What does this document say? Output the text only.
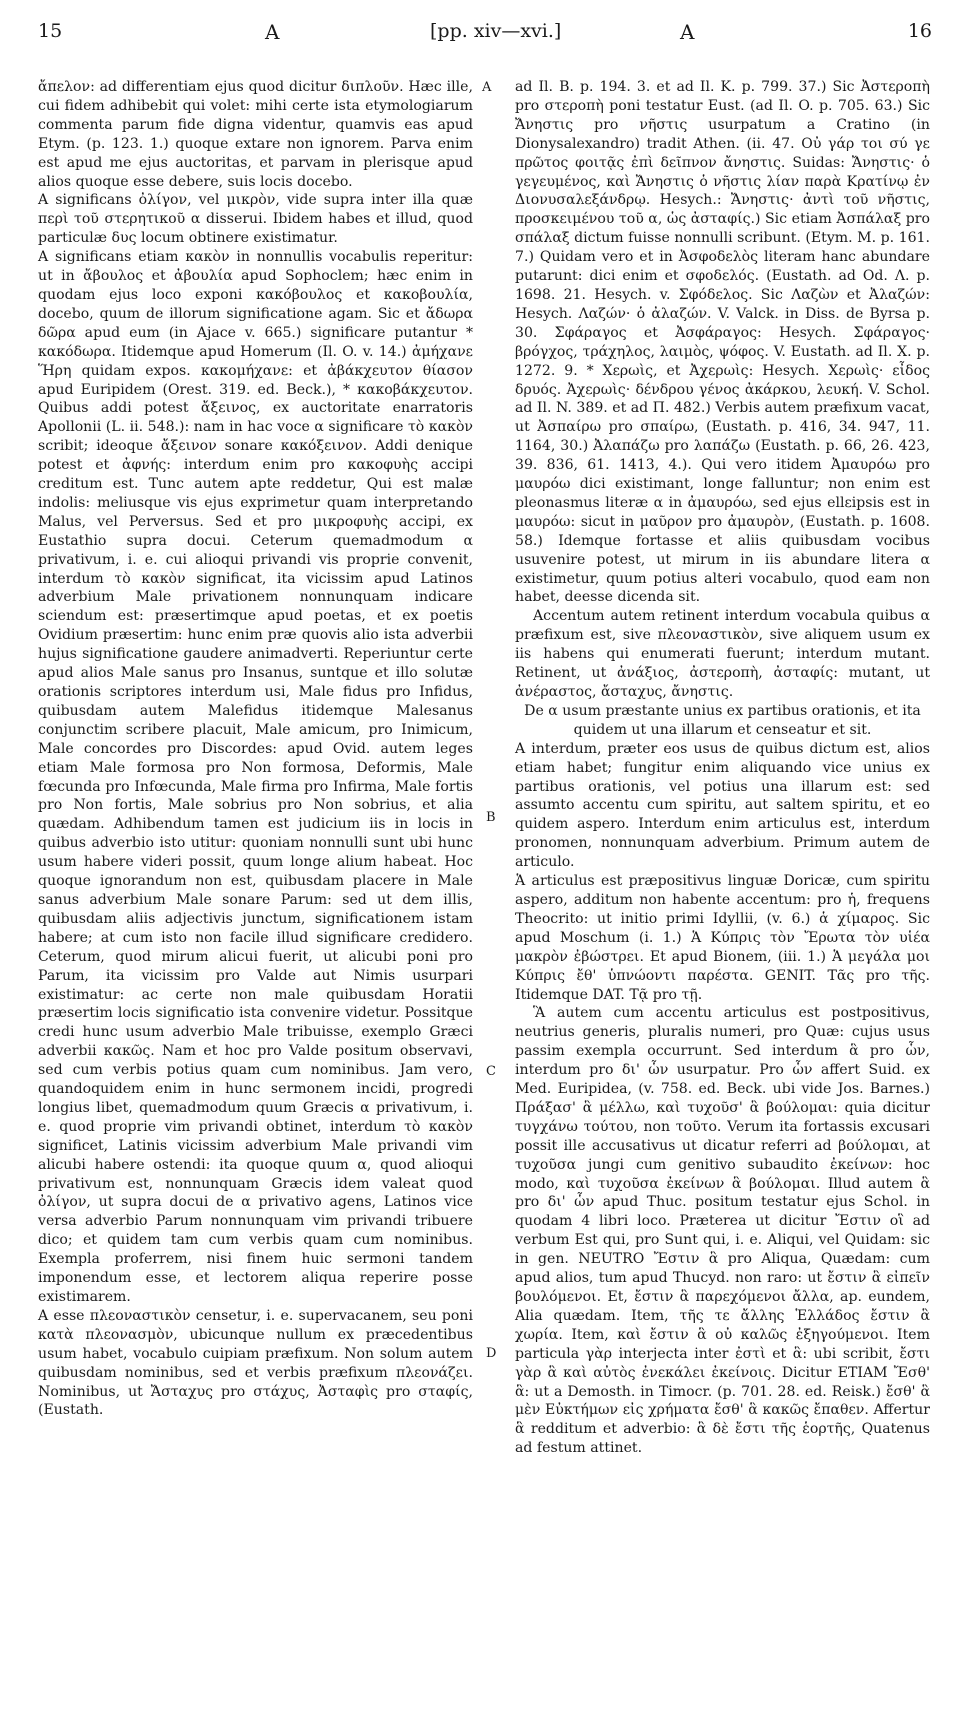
15	A	[pp. xiv—xvi.]	A	16
A
B
C
D

ἄπελον: ad differentiam ejus quod dicitur διπλοῦν. Hæc ille, cui fidem adhibebit qui volet: mihi certe ista etymologiarum commenta parum fide digna videntur, quamvis eas apud Etym. (p. 123. 1.) quoque extare non ignorem. Parva enim est apud me ejus auctoritas, et parvam in plerisque apud alios quoque esse debere, suis locis docebo.

A significans ὀλίγον, vel μικρὸν, vide supra inter illa quæ περὶ τοῦ στερητικοῦ α disserui. Ibidem habes et illud, quod particulæ δυς locum obtinere existimatur.

A significans etiam κακὸν in nonnullis vocabulis reperitur: ut in ἄβουλος et ἀβουλία apud Sophoclem; hæc enim in quodam ejus loco exponi κακόβουλος et κακοβουλία, docebo, quum de illorum significatione agam. Sic et ἄδωρα δῶρα apud eum (in Ajace v. 665.) significare putantur * κακόδωρα. Itidemque apud Homerum (Il. O. v. 14.) ἀμήχανε Ἥρη quidam expos. κακομήχανε: et ἀβάκχευτον θίασον apud Euripidem (Orest. 319. ed. Beck.), * κακοβάκχευτον. Quibus addi potest ἄξεινος, ex auctoritate enarratoris Apollonii (L. ii. 548.): nam in hac voce α significare τὸ κακὸν scribit; ideoque ἄξεινον sonare κακόξεινον. Addi denique potest et ἀφνής: interdum enim pro κακοφυὴς accipi creditum est. Tunc autem apte reddetur, Qui est malæ indolis: meliusque vis ejus exprimetur quam interpretando Malus, vel Perversus. Sed et pro μικροφυὴς accipi, ex Eustathio supra docui. Ceterum quemadmodum α privativum, i. e. cui alioqui privandi vis proprie convenit, interdum τὸ κακὸν significat, ita vicissim apud Latinos adverbium Male privationem nonnunquam indicare sciendum est: præsertimque apud poetas, et ex poetis Ovidium præsertim: hunc enim præ quovis alio ista adverbii hujus significatione gaudere animadverti. Reperiuntur certe apud alios Male sanus pro Insanus, suntque et illo solutæ orationis scriptores interdum usi, Male fidus pro Infidus, quibusdam autem Malefidus itidemque Malesanus conjunctim scribere placuit, Male amicum, pro Inimicum, Male concordes pro Discordes: apud Ovid. autem leges etiam Male formosa pro Non formosa, Deformis, Male fœcunda pro Infœcunda, Male firma pro Infirma, Male fortis pro Non fortis, Male sobrius pro Non sobrius, et alia quædam. Adhibendum tamen est judicium iis in locis in quibus adverbio isto utitur: quoniam nonnulli sunt ubi hunc usum habere videri possit, quum longe alium habeat. Hoc quoque ignorandum non est, quibusdam placere in Male sanus adverbium Male sonare Parum: sed ut dem illis, quibusdam aliis adjectivis junctum, significationem istam habere; at cum isto non facile illud significare crediderо. Ceterum, quod mirum alicui fuerit, ut alicubi poni pro Parum, ita vicissim pro Valde aut Nimis usurpari existimatur: ac certe non male quibusdam Horatii præsertim locis significatio ista convenire videtur. Possitque credi hunc usum adverbio Male tribuisse, exemplo Græci adverbii κακῶς. Nam et hoc pro Valde positum observavi, sed cum verbis potius quam cum nominibus. Jam vero, quandoquidem enim in hunc sermonem incidi, progredi longius libet, quemadmodum quum Græcis α privativum, i. e. quod proprie vim privandi obtinet, interdum τὸ κακὸν significet, Latinis vicissim adverbium Male privandi vim alicubi habere ostendi: ita quoque quum α, quod alioqui privativum est, nonnunquam Græcis idem valeat quod ὀλίγον, ut supra docui de α privativo agens, Latinos vice versa adverbio Parum nonnunquam vim privandi tribuere dico; et quidem tam cum verbis quam cum nominibus. Exempla proferrem, nisi finem huic sermoni tandem imponendum esse, et lectorem aliqua reperire posse existimarem.

A esse πλεοναστικὸν censetur, i. e. supervacanem, seu poni κατὰ πλεονασμὸν, ubicunque nullum ex præcedentibus usum habet, vocabulo cuipiam præfixum. Non solum autem quibusdam nominibus, sed et verbis præfixum πλεονάζει. Nominibus, ut Ἄσταχυς pro στάχυς, Ἀσταφὶς pro σταφίς, (Eustath.

ad Il. B. p. 194. 3. et ad Il. K. p. 799. 37.) Sic Ἀστεροπὴ pro στεροπὴ poni testatur Eust. (ad Il. O. p. 705. 63.) Sic Ἄνηστις pro νῆστις usurpatum a Cratino (in Dionysalexandro) tradit Athen. (ii. 47. Οὐ γάρ τοι σύ γε πρῶτος φοιτᾷς ἐπὶ δεῖπνον ἄνηστις. Suidas: Ἄνηστις· ὁ γεγευμένος, καὶ Ἄνηστις ὁ νῆστις λίαν παρὰ Κρατίνῳ ἐν Διονυσαλεξάνδρῳ. Hesych.: Ἄνηστις· ἀντὶ τοῦ νῆστις, προσκειμένου τοῦ α, ὡς ἀσταφίς.) Sic etiam Ἀσπάλαξ pro σπάλαξ dictum fuisse nonnulli scribunt. (Etym. M. p. 161. 7.) Quidam vero et in Ἀσφοδελὸς literam hanc abundare putarunt: dici enim et σφοδελός. (Eustath. ad Od. Λ. p. 1698. 21. Hesych. v. Σφόδελος. Sic Λαζὼν et Ἀλαζών: Hesych. Λαζών· ὁ ἀλαζών. V. Valck. in Diss. de Byrsa p. 30. Σφάραγος et Ἀσφάραγος: Hesych. Σφάραγος· βρόγχος, τράχηλος, λαιμὸς, ψόφος. V. Eustath. ad Il. X. p. 1272. 9. * Χερωὶς, et Ἀχερωὶς: Hesych. Χερωὶς· εἶδος δρυός. Ἀχερωὶς· δένδρου γένος ἀκάρκου, λευκή. V. Schol. ad Il. N. 389. et ad Π. 482.) Verbis autem præfixum vacat, ut Ἀσπαίρω pro σπαίρω, (Eustath. p. 416, 34. 947, 11. 1164, 30.) Ἀλαπάζω pro λαπάζω (Eustath. p. 66, 26. 423, 39. 836, 61. 1413, 4.). Qui vero itidem Ἀμαυρόω pro μαυρόω dici existimant, longe falluntur; non enim est pleonasmus literæ α in ἀμαυρόω, sed ejus ellεipsis est in μαυρόω: sicut in μαῦρον pro ἀμαυρὸν, (Eustath. p. 1608. 58.) Idemque fortasse et aliis quibusdam vocibus usuvenire potest, ut mirum in iis abundare litera α existimetur, quum potius alteri vocabulo, quod eam non habet, deesse dicenda sit.

Accentum autem retinent interdum vocabula quibus α præfixum est, sive πλεοναστικὸν, sive aliquem usum ex iis habens qui enumerati fuerunt; interdum mutant. Retinent, ut ἀνάξιος, ἀστεροπὴ, ἀσταφίς: mutant, ut ἀνέραστος, ἄσταχυς, ἄνηστις.

De α usum præstante unius ex partibus orationis, et ita quidem ut una illarum et censeatur et sit.

A interdum, præter eos usus de quibus dictum est, alios etiam habet; fungitur enim aliquando vice unius ex partibus orationis, vel potius una illarum est: sed assumto accentu cum spiritu, aut saltem spiritu, et eo quidem aspero. Interdum enim articulus est, interdum pronomen, nonnunquam adverbium. Primum autem de articulo.

Ἁ articulus est præpositivus linguæ Doricæ, cum spiritu aspero, additum non habente accentum: pro ἡ, frequens Theocrito: ut initio primi Idyllii, (v. 6.) ἁ χίμαρος. Sic apud Moschum (i. 1.) Ἁ Κύπρις τὸν Ἔρωτα τὸν υἱέα μακρὸν ἐβώστρει. Et apud Bionem, (iii. 1.) Ἁ μεγάλα μοι Κύπρις ἔθ' ὑπνώοντι παρέστα. GENIT. Τᾶς pro τῆς. Itidemque DAT. Τᾷ pro τῇ.

Ἃ autem cum accentu articulus est postpositivus, neutrius generis, pluralis numeri, pro Quæ: cujus usus passim exempla occurrunt. Sed interdum ἃ pro ὧν, interdum pro δι' ὧν usurpatur. Pro ὧν affert Suid. ex Med. Euripidea, (v. 758. ed. Beck. ubi vide Jos. Barnes.) Πράξασ' ἃ μέλλω, καὶ τυχοῦσ' ἃ βούλομαι: quia dicitur τυγχάνω τούτου, non τοῦτο. Verum ita fortassis excusari possit ille accusativus ut dicatur referri ad βούλομαι, at τυχοῦσα jungi cum genitivo subaudito ἐκείνων: hoc modo, καὶ τυχοῦσα ἐκείνων ἃ βούλομαι. Illud autem ἃ pro δι' ὧν apud Thuc. positum testatur ejus Schol. in quodam 4 libri loco. Præterea ut dicitur Ἔστιν οἳ ad verbum Est qui, pro Sunt qui, i. e. Aliqui, vel Quidam: sic in gen. NEUTRO Ἔστιν ἃ pro Aliqua, Quædam: cum apud alios, tum apud Thucyd. non raro: ut ἔστιν ἃ εἰπεῖν βουλόμενοι. Et, ἔστιν ἃ παρεχόμενοι ἄλλα, ap. eundem, Alia quædam. Item, τῆς τε ἄλλης Ἑλλάδος ἔστιν ἃ χωρία. Item, καὶ ἔστιν ἃ οὐ καλῶς ἐξηγούμενοι. Item particula γὰρ interjecta inter ἐστὶ et ἃ: ubi scribit, ἔστι γὰρ ἃ καὶ αὐτὸς ἐνεκάλει ἐκείνοις. Dicitur ETIAM Ἔσθ' ἃ: ut a Demosth. in Timocr. (p. 701. 28. ed. Reisk.) ἔσθ' ἃ μὲν Εὐκτήμων εἰς χρήματα ἔσθ' ἃ κακῶς ἔπαθεν. Affertur ἃ redditum et adverbio: ἃ δὲ ἔστι τῆς ἑορτῆς, Quatenus ad festum attinet.
